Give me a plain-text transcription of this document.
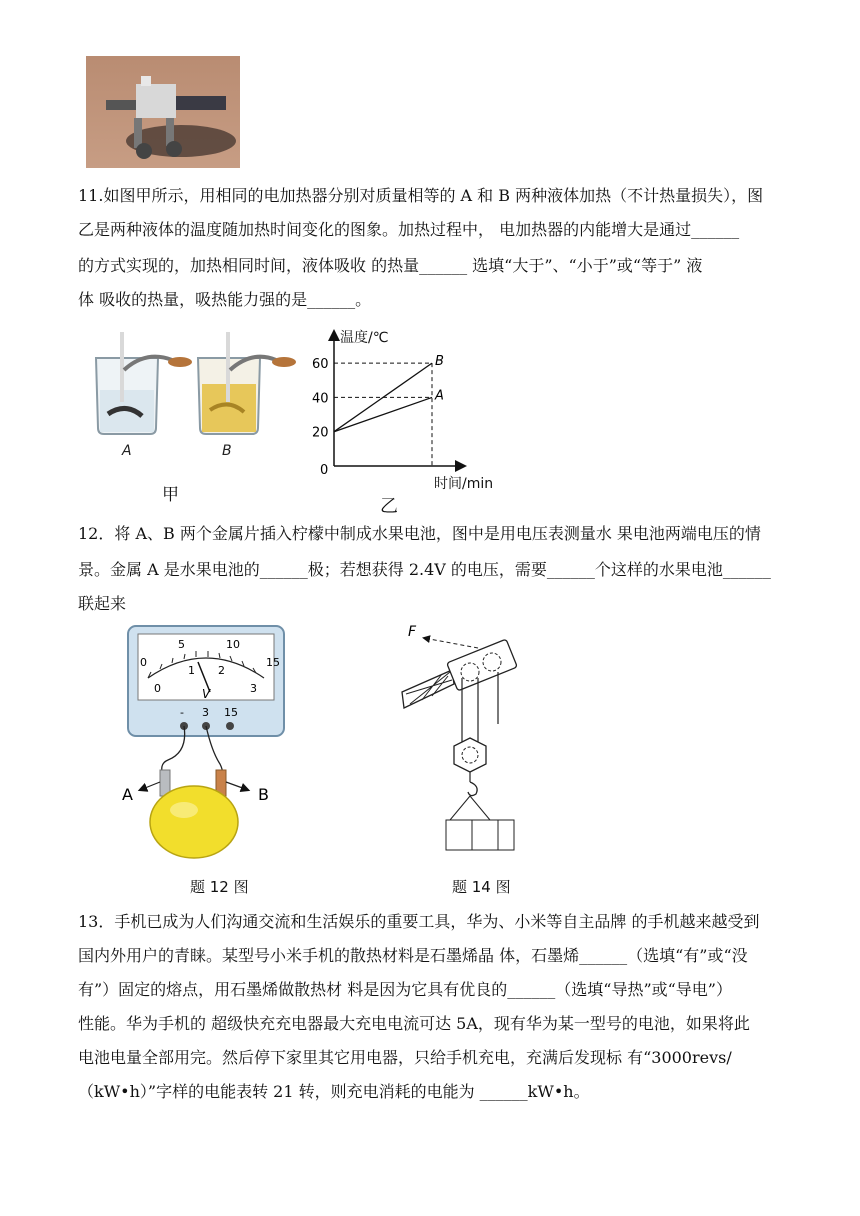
11.如图甲所示，用相同的电加热器分别对质量相等的 A 和 B 两种液体加热（不计热量损失），图
乙是两种液体的温度随加热时间变化的图象。加热过程中， 电加热器的内能增大是通过______
的方式实现的，加热相同时间，液体吸收 的热量______ 选填“大于”、“小于”或“等于” 液
体 吸收的热量，吸热能力强的是______。
A	B
甲
温度/℃
时间/min
0
20
40
60	B
A
乙
12．将 A、B 两个金属片插入柠檬中制成水果电池，图中是用电压表测量水 果电池两端电压的情
景。金属 A 是水果电池的______极；若想获得 2.4V 的电压，需要______个这样的水果电池______
联起来
0
5	10
15
0
1 2
3
V
- 3 15
A	B
题 12 图
F
题 14 图
13．手机已成为人们沟通交流和生活娱乐的重要工具，华为、小米等自主品牌 的手机越来越受到
国内外用户的青睐。某型号小米手机的散热材料是石墨烯晶 体，石墨烯______（选填“有”或“没
有”）固定的熔点，用石墨烯做散热材 料是因为它具有优良的______（选填“导热”或“导电”）
性能。华为手机的 超级快充充电器最大充电电流可达 5A，现有华为某一型号的电池，如果将此
电池电量全部用完。然后停下家里其它用电器，只给手机充电，充满后发现标 有“3000revs/
（kW•h）”字样的电能表转 21 转，则充电消耗的电能为 ______kW•h。
